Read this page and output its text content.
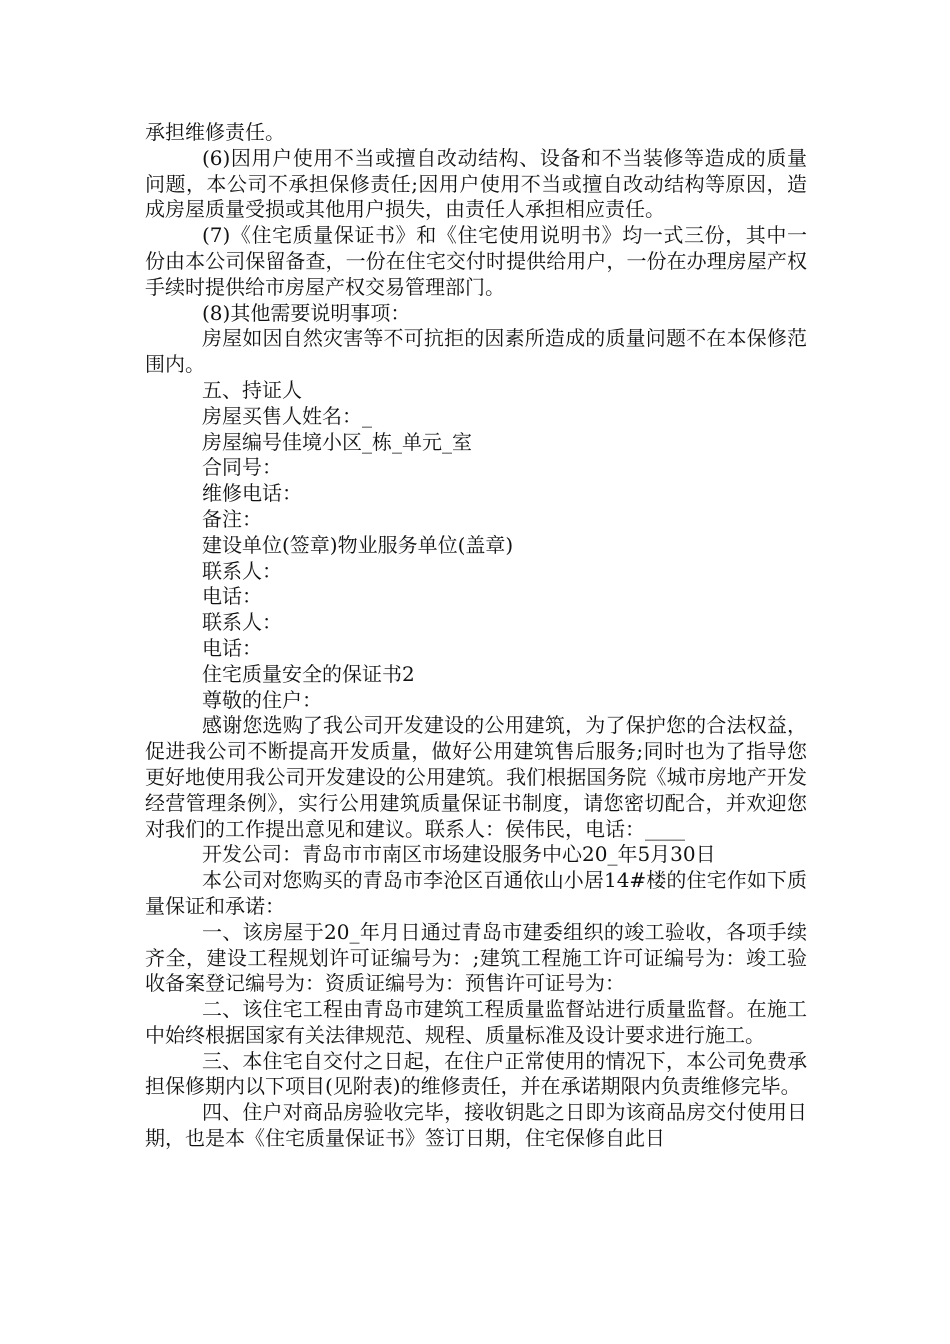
承担维修责任。

(6)因用户使用不当或擅自改动结构、设备和不当装修等造成的质量问题，本公司不承担保修责任;因用户使用不当或擅自改动结构等原因，造成房屋质量受损或其他用户损失，由责任人承担相应责任。

(7)《住宅质量保证书》和《住宅使用说明书》均一式三份，其中一份由本公司保留备查，一份在住宅交付时提供给用户，一份在办理房屋产权手续时提供给市房屋产权交易管理部门。

(8)其他需要说明事项：

房屋如因自然灾害等不可抗拒的因素所造成的质量问题不在本保修范围内。

五、持证人

房屋买售人姓名：_

房屋编号佳境小区_栋_单元_室

合同号：

维修电话：

备注：

建设单位(签章)物业服务单位(盖章)

联系人：

电话：

联系人：

电话：

住宅质量安全的保证书2

尊敬的住户：

感谢您选购了我公司开发建设的公用建筑，为了保护您的合法权益，促进我公司不断提高开发质量，做好公用建筑售后服务;同时也为了指导您更好地使用我公司开发建设的公用建筑。我们根据国务院《城市房地产开发经营管理条例》，实行公用建筑质量保证书制度，请您密切配合，并欢迎您对我们的工作提出意见和建议。联系人：侯伟民，电话：____

开发公司：青岛市市南区市场建设服务中心20_年5月30日

本公司对您购买的青岛市李沧区百通依山小居14#楼的住宅作如下质量保证和承诺：

一、该房屋于20_年月日通过青岛市建委组织的竣工验收，各项手续齐全，建设工程规划许可证编号为：;建筑工程施工许可证编号为：竣工验收备案登记编号为：资质证编号为：预售许可证号为：

二、该住宅工程由青岛市建筑工程质量监督站进行质量监督。在施工中始终根据国家有关法律规范、规程、质量标准及设计要求进行施工。

三、本住宅自交付之日起，在住户正常使用的情况下，本公司免费承担保修期内以下项目(见附表)的维修责任，并在承诺期限内负责维修完毕。

四、住户对商品房验收完毕，接收钥匙之日即为该商品房交付使用日期，也是本《住宅质量保证书》签订日期，住宅保修自此日
